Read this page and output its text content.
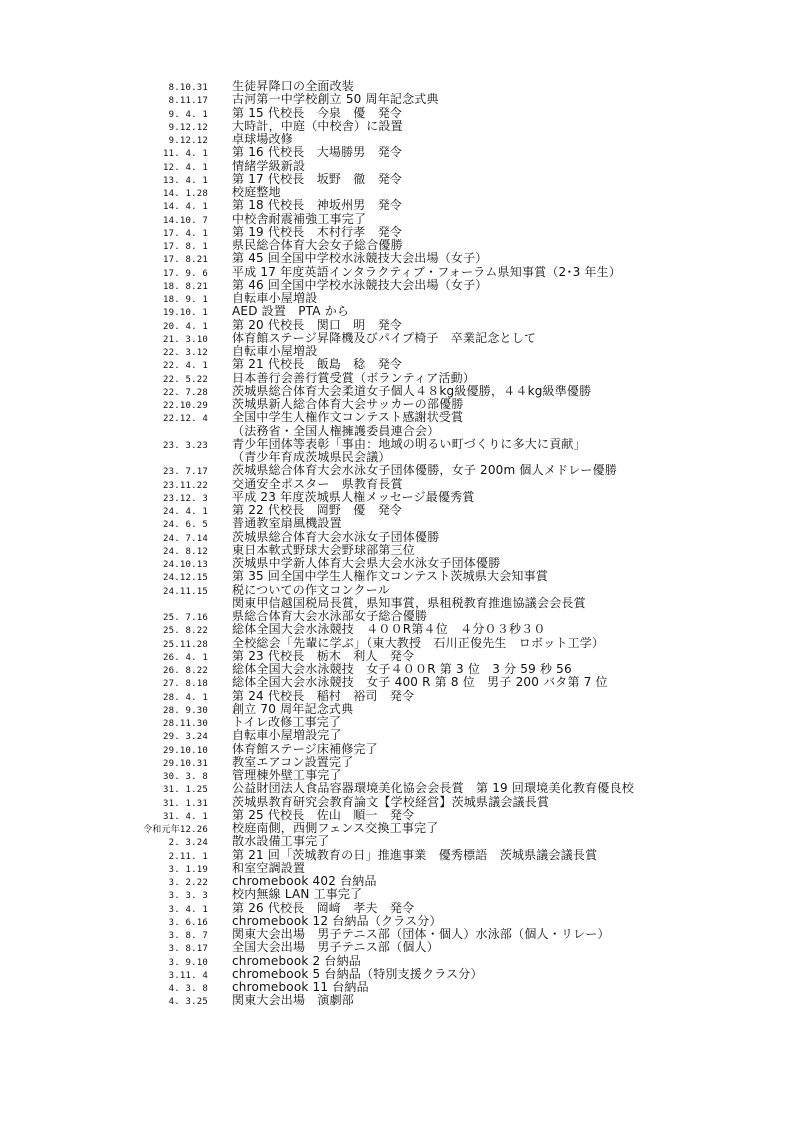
8.10.31 生徒昇降口の全面改装
8.11.17 古河第一中学校創立 50 周年記念式典
9. 4. 1 第 15 代校長　今泉　優　発令
9.12.12 大時計，中庭（中校舎）に設置
9.12.12 卓球場改修
11. 4. 1 第 16 代校長　大場勝男　発令
12. 4. 1 情緒学級新設
13. 4. 1 第 17 代校長　坂野　徹　発令
14. 1.28 校庭整地
14. 4. 1 第 18 代校長　神坂州男　発令
14.10. 7 中校舎耐震補強工事完了
17. 4. 1 第 19 代校長　木村行孝　発令
17. 8. 1 県民総合体育大会女子総合優勝
17. 8.21 第 45 回全国中学校水泳競技大会出場（女子）
17. 9. 6 平成 17 年度英語インタラクティブ・フォーラム県知事賞（2･3 年生）
18. 8.21 第 46 回全国中学校水泳競技大会出場（女子）
18. 9. 1 自転車小屋増設
19.10. 1 AED 設置　PTA から
20. 4. 1 第 20 代校長　関口　明　発令
21. 3.10 体育館ステージ昇降機及びパイプ椅子　卒業記念として
22. 3.12 自転車小屋増設
22. 4. 1 第 21 代校長　飯島　稔　発令
22. 5.22 日本善行会善行賞受賞（ボランティア活動）
22. 7.28 茨城県総合体育大会柔道女子個人４８kg級優勝，４４kg級準優勝
22.10.29 茨城県新人総合体育大会サッカーの部優勝
22.12. 4 全国中学生人権作文コンテスト感謝状受賞
（法務省・全国人権擁護委員連合会）
23. 3.23 青少年団体等表彰「事由：地域の明るい町づくりに多大に貢献」
（青少年育成茨城県民会議）
23. 7.17 茨城県総合体育大会水泳女子団体優勝，女子 200m 個人メドレー優勝
23.11.22 交通安全ポスター　県教育長賞
23.12. 3 平成 23 年度茨城県人権メッセージ最優秀賞
24. 4. 1 第 22 代校長　岡野　優　発令
24. 6. 5 普通教室扇風機設置
24. 7.14 茨城県総合体育大会水泳女子団体優勝
24. 8.12 東日本軟式野球大会野球部第三位
24.10.13 茨城県中学新人体育大会県大会水泳女子団体優勝
24.12.15 第 35 回全国中学生人権作文コンテスト茨城県大会知事賞
24.11.15 税についての作文コンクール
関東甲信越国税局長賞，県知事賞，県租税教育推進協議会会長賞
25. 7.16 県総合体育大会水泳部女子総合優勝
25. 8.22 総体全国大会水泳競技　４００R第４位　４分０３秒３０
25.11.28 全校総会「先輩に学ぶ」（東大教授　石川正俊先生　ロボット工学）
26. 4. 1 第 23 代校長　栃木　利人　発令
26. 8.22 総体全国大会水泳競技　女子４００R 第 3 位　3 分 59 秒 56
27. 8.18 総体全国大会水泳競技　女子 400 R 第 8 位　男子 200 バタ第 7 位
28. 4. 1 第 24 代校長　稲村　裕司　発令
28. 9.30 創立 70 周年記念式典
28.11.30 トイレ改修工事完了
29. 3.24 自転車小屋増設完了
29.10.10 体育館ステージ床補修完了
29.10.31 教室エアコン設置完了
30. 3. 8 管理棟外壁工事完了
31. 1.25 公益財団法人食品容器環境美化協会会長賞　第 19 回環境美化教育優良校
31. 1.31 茨城県教育研究会教育論文【学校経営】茨城県議会議長賞
31. 4. 1 第 25 代校長　佐山　順一　発令
令和元年12.26 校庭南側，西側フェンス交換工事完了
2. 3.24 散水設備工事完了
2.11. 1 第 21 回「茨城教育の日」推進事業　優秀標語　茨城県議会議長賞
3. 1.19 和室空調設置
3. 2.22 chromebook 402 台納品
3. 3. 3 校内無線 LAN 工事完了
3. 4. 1 第 26 代校長　岡﨑　孝夫　発令
3. 6.16 chromebook 12 台納品（クラス分）
3. 8. 7 関東大会出場　男子テニス部（団体・個人）水泳部（個人・リレー）
3. 8.17 全国大会出場　男子テニス部（個人）
3. 9.10 chromebook 2 台納品
3.11. 4 chromebook 5 台納品（特別支援クラス分）
4. 3. 8 chromebook 11 台納品
4. 3.25 関東大会出場　演劇部
